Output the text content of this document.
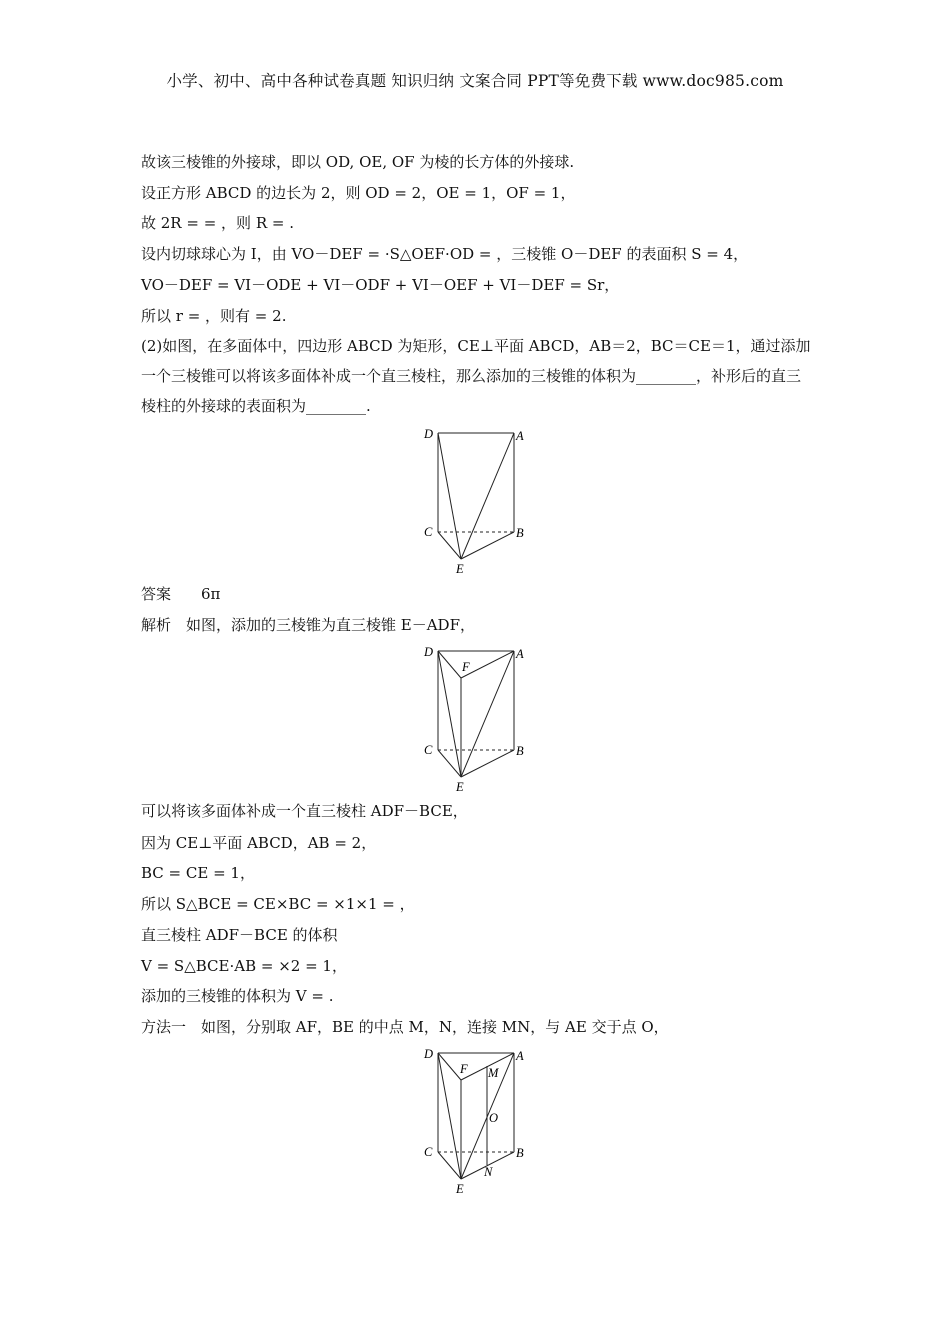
小学、初中、高中各种试卷真题 知识归纳 文案合同 PPT等免费下载 www.doc985.com
故该三棱锥的外接球，即以 OD, OE, OF 为棱的长方体的外接球.
设正方形 ABCD 的边长为 2，则 OD = 2，OE = 1，OF = 1，
故 2R = = ，则 R = .
设内切球球心为 I，由 VO－DEF = ·S△OEF·OD = ，三棱锥 O－DEF 的表面积 S = 4，
VO－DEF = VI－ODE + VI－ODF + VI－OEF + VI－DEF = Sr，
所以 r = ，则有 = 2.
(2)如图，在多面体中，四边形 ABCD 为矩形，CE⊥平面 ABCD，AB＝2，BC＝CE＝1，通过添加一个三棱锥可以将该多面体补成一个直三棱柱，那么添加的三棱锥的体积为________，补形后的直三棱柱的外接球的表面积为________.
D	A
C	B
E
答案 6π
解析　如图，添加的三棱锥为直三棱锥 E－ADF，
D	A
F
C	B
E
可以将该多面体补成一个直三棱柱 ADF－BCE，
因为 CE⊥平面 ABCD，AB = 2，
BC = CE = 1，
所以 S△BCE = CE×BC = ×1×1 = ，
直三棱柱 ADF－BCE 的体积
V = S△BCE·AB = ×2 = 1，
添加的三棱锥的体积为 V = .
方法一　如图，分别取 AF，BE 的中点 M，N，连接 MN，与 AE 交于点 O，
D	A
F M
O
C	B
N
E
